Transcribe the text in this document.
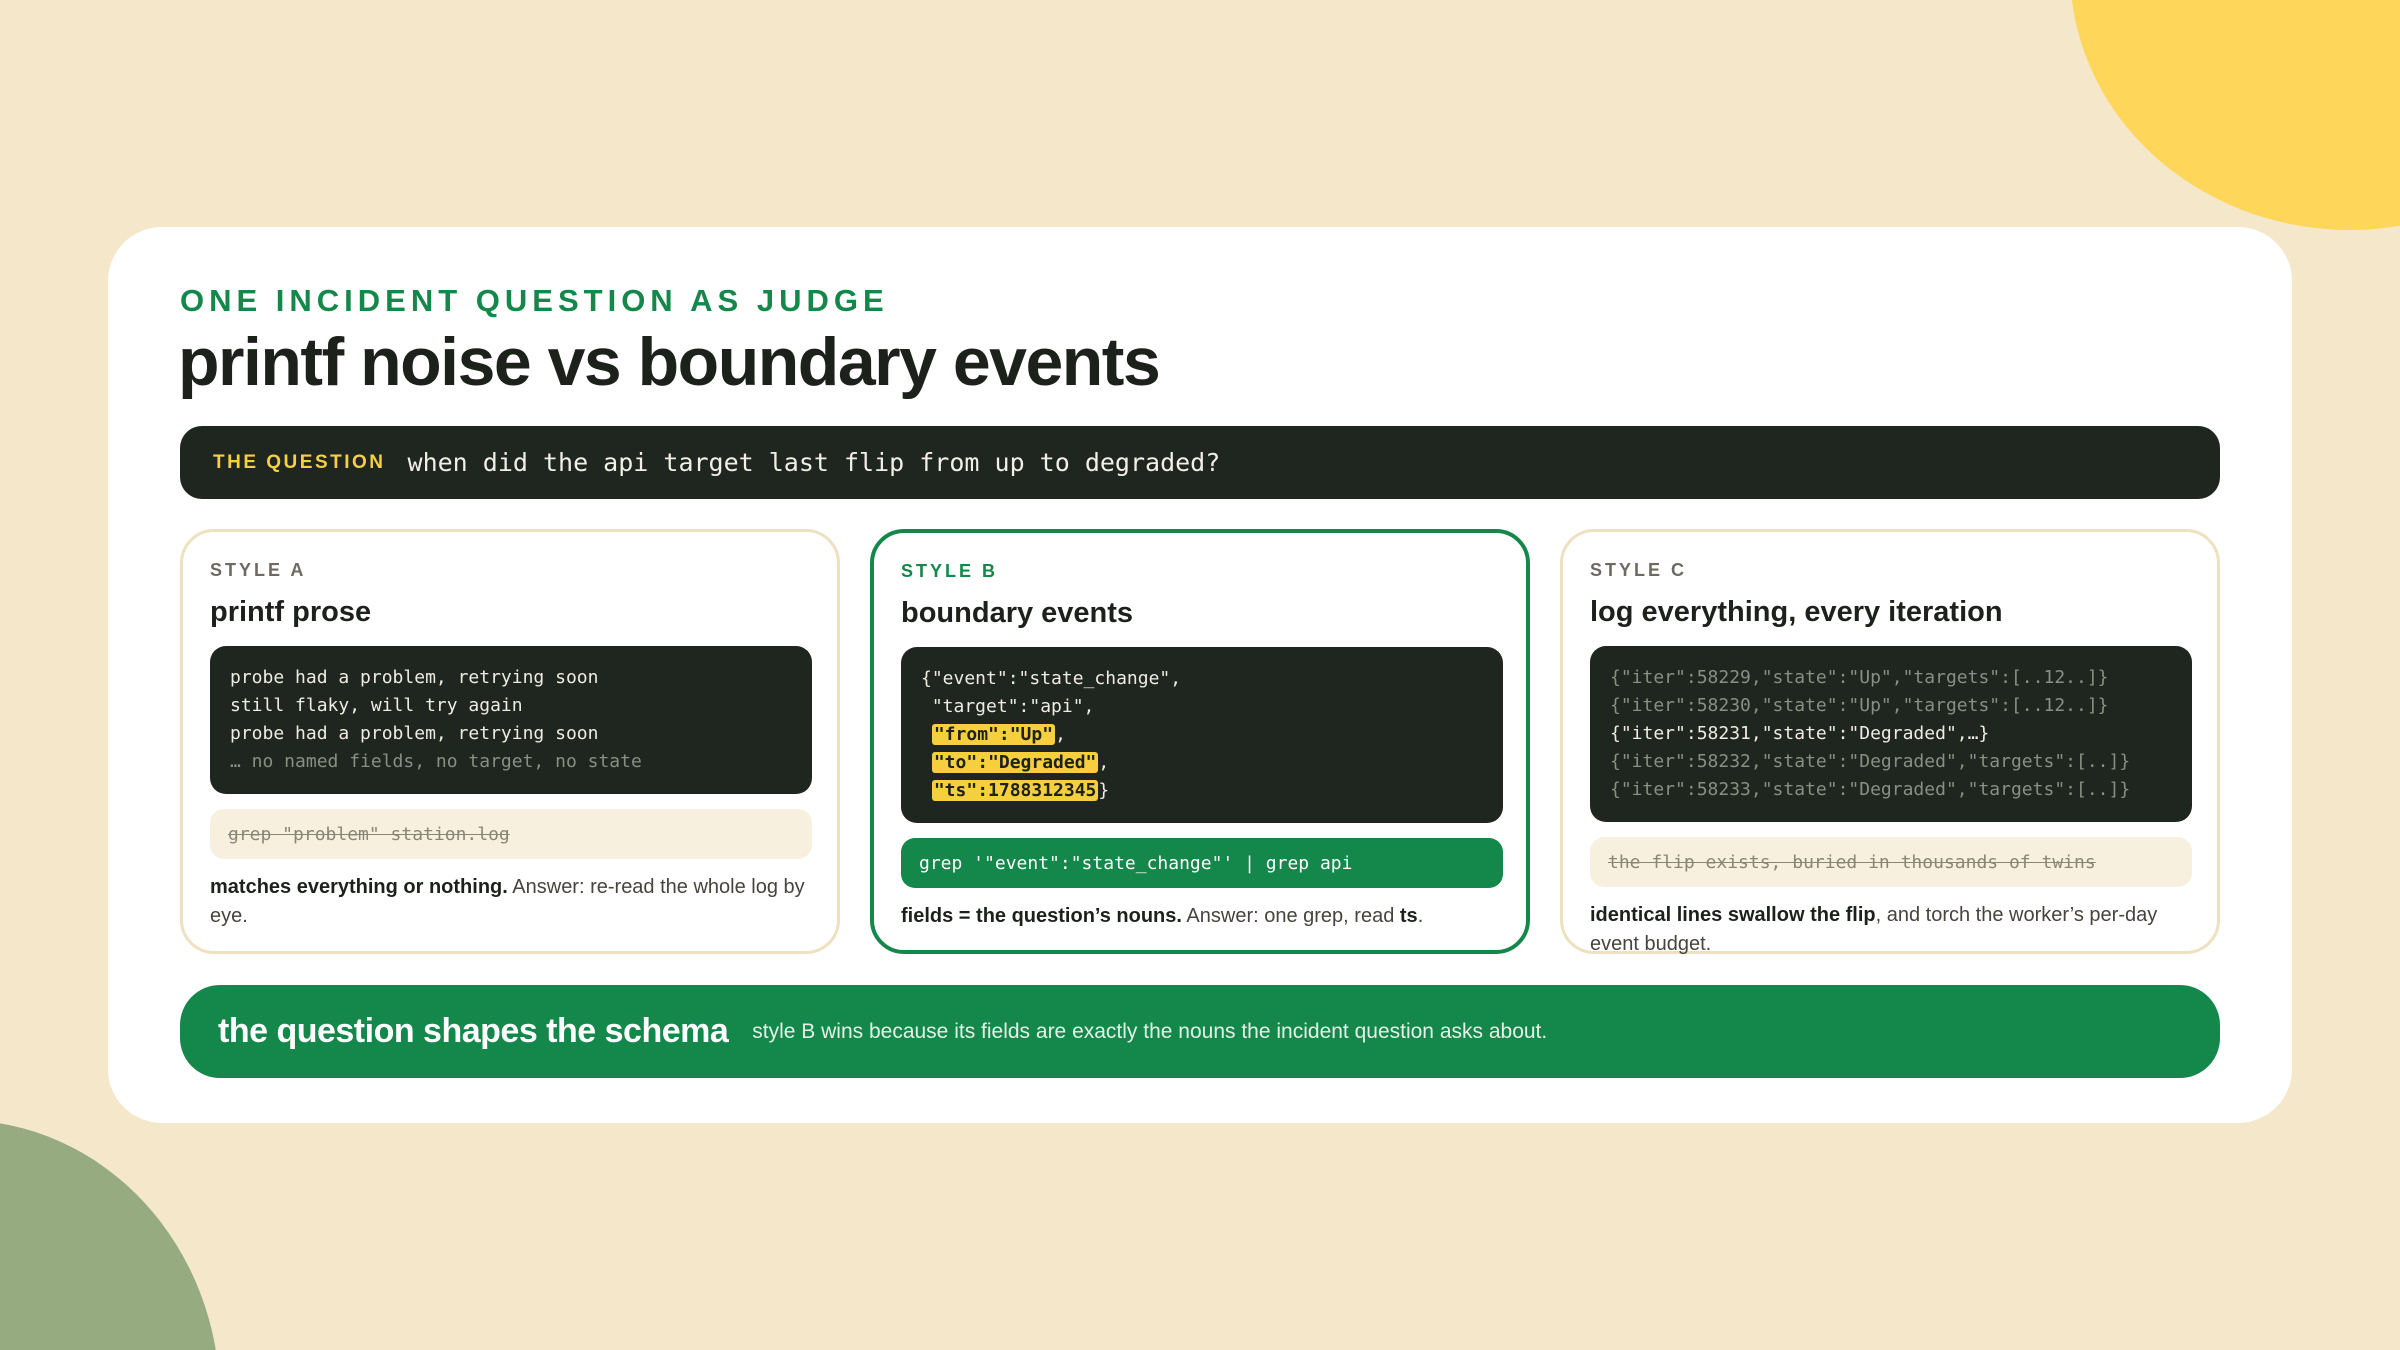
ONE INCIDENT QUESTION AS JUDGE
printf noise vs boundary events
THE QUESTION when did the api target last flip from up to degraded?
STYLE A
printf prose
probe had a problem, retrying soon
still flaky, will try again
probe had a problem, retrying soon
… no named fields, no target, no state
grep "problem" station.log
matches everything or nothing. Answer: re-read the whole log by eye.
STYLE B
boundary events
{"event":"state_change",
"target":"api",
"from":"Up" ,
"to":"Degraded" ,
"ts":1788312345 }
grep '"event":"state_change"' | grep api
fields = the question’s nouns. Answer: one grep, read ts.
STYLE C
log everything, every iteration
{"iter":58229,"state":"Up","targets":[..12..]}
{"iter":58230,"state":"Up","targets":[..12..]}
{"iter":58231,"state":"Degraded",…}
{"iter":58232,"state":"Degraded","targets":[..]}
{"iter":58233,"state":"Degraded","targets":[..]}
the flip exists, buried in thousands of twins
identical lines swallow the flip, and torch the worker’s per-day event budget.
the question shapes the schema style B wins because its fields are exactly the nouns the incident question asks about.
